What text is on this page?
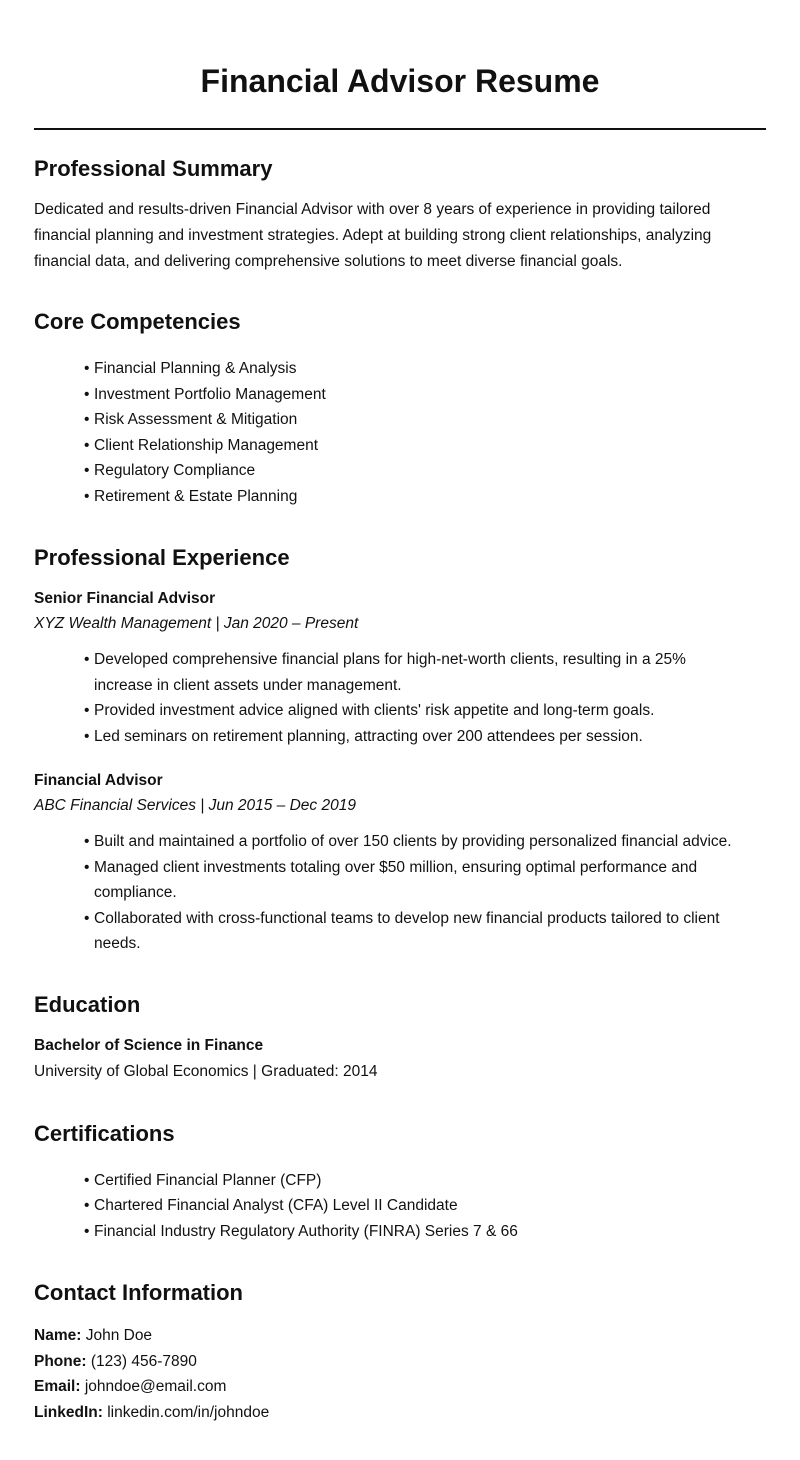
Financial Advisor Resume
Professional Summary

Dedicated and results-driven Financial Advisor with over 8 years of experience in providing tailored
financial planning and investment strategies. Adept at building strong client relationships, analyzing
financial data, and delivering comprehensive solutions to meet diverse financial goals.

Core Competencies
• Financial Planning & Analysis
• Investment Portfolio Management
• Risk Assessment & Mitigation
• Client Relationship Management
• Regulatory Compliance
• Retirement & Estate Planning
Professional Experience

Senior Financial Advisor

XYZ Wealth Management | Jan 2020 – Present

• Developed comprehensive financial plans for high-net-worth clients, resulting in a 25%
increase in client assets under management.
• Provided investment advice aligned with clients' risk appetite and long-term goals.
• Led seminars on retirement planning, attracting over 200 attendees per session.

Financial Advisor

ABC Financial Services | Jun 2015 – Dec 2019

• Built and maintained a portfolio of over 150 clients by providing personalized financial advice.
• Managed client investments totaling over $50 million, ensuring optimal performance and
compliance.
• Collaborated with cross-functional teams to develop new financial products tailored to client
needs.
Education

Bachelor of Science in Finance

University of Global Economics | Graduated: 2014

Certifications
• Certified Financial Planner (CFP)
• Chartered Financial Analyst (CFA) Level II Candidate
• Financial Industry Regulatory Authority (FINRA) Series 7 & 66
Contact Information

Name: John Doe

Phone: (123) 456-7890

Email: johndoe@email.com

LinkedIn: linkedin.com/in/johndoe
